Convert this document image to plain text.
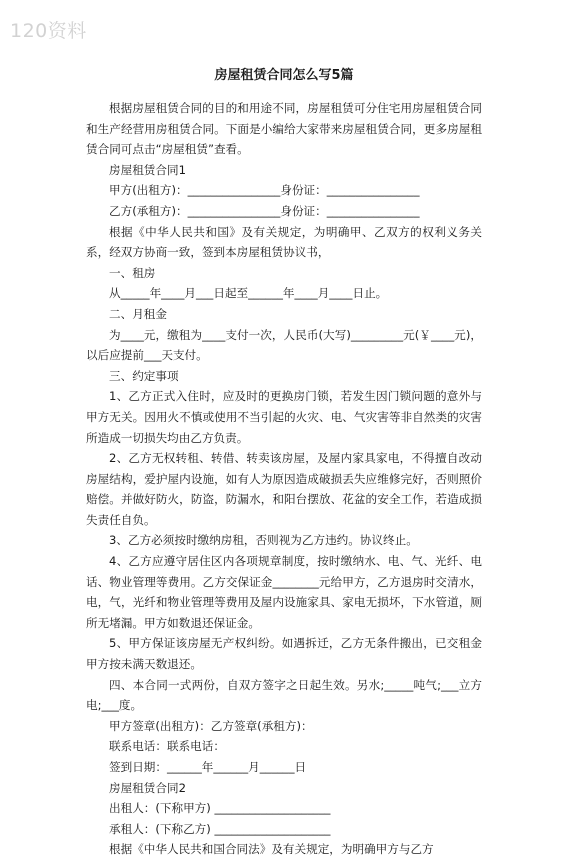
120资料
房屋租赁合同怎么写5篇

根据房屋租赁合同的目的和用途不同，房屋租赁可分住宅用房屋租赁合同和生产经营用房租赁合同。下面是小编给大家带来房屋租赁合同，更多房屋租赁合同可点击“房屋租赁”查看。

房屋租赁合同1

甲方(出租方)：________________身份证：________________

乙方(承租方)：________________身份证：________________

根据《中华人民共和国》及有关规定，为明确甲、乙双方的权利义务关系，经双方协商一致，签到本房屋租赁协议书，

一、租房

从_____年____月___日起至______年____月____日止。

二、月租金

为____元，缴租为____支付一次，人民币(大写)_________元(￥____元)，以后应提前___天支付。

三、约定事项

1、乙方正式入住时，应及时的更换房门锁，若发生因门锁问题的意外与甲方无关。因用火不慎或使用不当引起的火灾、电、气灾害等非自然类的灾害所造成一切损失均由乙方负责。

2、乙方无权转租、转借、转卖该房屋，及屋内家具家电，不得擅自改动房屋结构，爱护屋内设施，如有人为原因造成破损丢失应维修完好，否则照价赔偿。并做好防火，防盗，防漏水，和阳台摆放、花盆的安全工作，若造成损失责任自负。

3、乙方必须按时缴纳房租，否则视为乙方违约。协议终止。

4、乙方应遵守居住区内各项规章制度，按时缴纳水、电、气、光纤、电话、物业管理等费用。乙方交保证金________元给甲方，乙方退房时交清水，电，气，光纤和物业管理等费用及屋内设施家具、家电无损坏，下水管道，厕所无堵漏。甲方如数退还保证金。

5、甲方保证该房屋无产权纠纷。如遇拆迁，乙方无条件搬出，已交租金甲方按未满天数退还。

四、本合同一式两份，自双方签字之日起生效。另水;_____吨气;___立方电;___度。

甲方签章(出租方)：乙方签章(承租方)：

联系电话：联系电话：

签到日期：______年______月______日

房屋租赁合同2

出租人：(下称甲方) ____________________

承租人：(下称乙方) ____________________

根据《中华人民共和国合同法》及有关规定，为明确甲方与乙方
